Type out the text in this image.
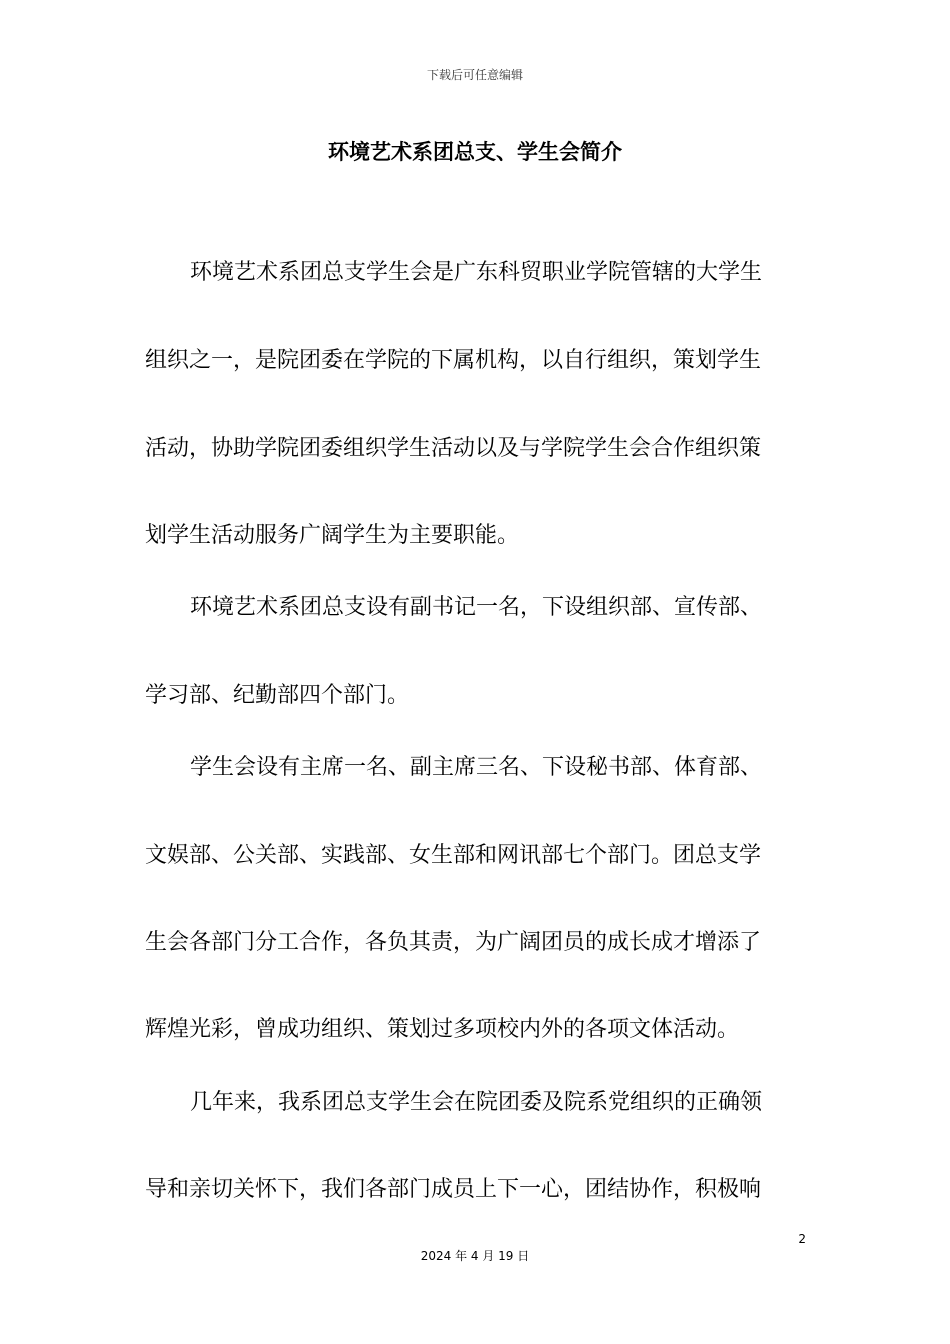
下载后可任意编辑
环境艺术系团总支、学生会简介
环境艺术系团总支学生会是广东科贸职业学院管辖的大学生
组织之一，是院团委在学院的下属机构，以自行组织，策划学生
活动，协助学院团委组织学生活动以及与学院学生会合作组织策
划学生活动服务广阔学生为主要职能。
环境艺术系团总支设有副书记一名，下设组织部、宣传部、
学习部、纪勤部四个部门。
学生会设有主席一名、副主席三名、下设秘书部、体育部、
文娱部、公关部、实践部、女生部和网讯部七个部门。团总支学
生会各部门分工合作，各负其责，为广阔团员的成长成才增添了
辉煌光彩，曾成功组织、策划过多项校内外的各项文体活动。
几年来，我系团总支学生会在院团委及院系党组织的正确领
导和亲切关怀下，我们各部门成员上下一心，团结协作，积极响
2
2024 年 4 月 19 日
